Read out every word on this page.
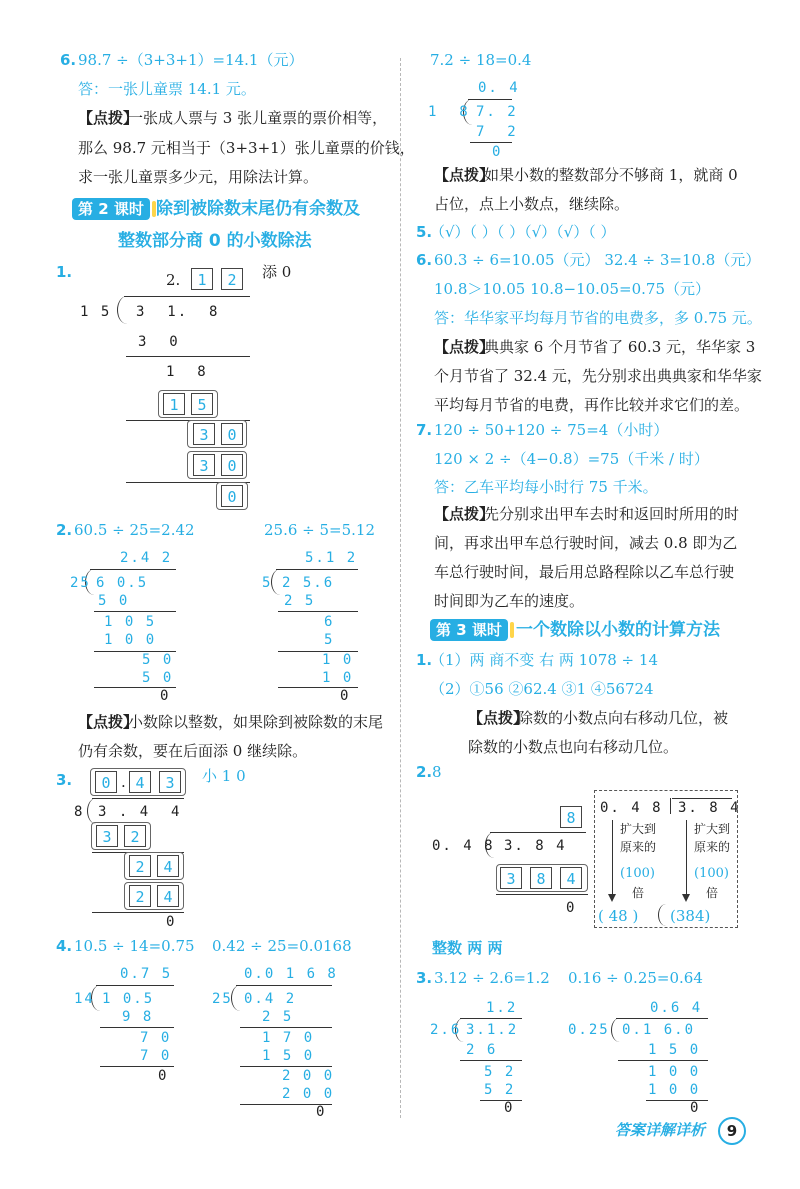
6. 98.7 ÷（3+3+1）=14.1（元）
答：一张儿童票 14.1 元。
【点拨】
一张成人票与 3 张儿童票的票价相等，
那么 98.7 元相当于（3+3+1）张儿童票的价钱，
求一张儿童票多少元，用除法计算。
第 2 课时 除到被除数末尾仍有余数及
整数部分商 0 的小数除法
1.	2.	1	2	添 0
1 5 3  1.  8
3  0
1  8
1	5
3	0
3	0
0
2. 60.5 ÷ 25=2.42	25.6 ÷ 5=5.12
2.4 2
25 6 0.5
5 0
1 0 5
1 0 0
5 0
5 0
0
5.1 2
5 2 5.6
2 5
6
5
1 0
1 0
0
【点拨】
小数除以整数，如果除到被除数的末尾
仍有余数，要在后面添 0 继续除。
3.	0 . 4	3	小 1 0
8 3 . 4  4
3	2
2	4
2	4
0
4. 10.5 ÷ 14=0.75 0.42 ÷ 25=0.0168
0.7 5
14 1 0.5
9 8
7 0
7 0
0
0.0 1 6 8
25 0.4 2
2 5
1 7 0
1 5 0
2 0 0
2 0 0
0
7.2 ÷ 18=0.4
0. 4
1  8 7. 2
7  2
0
【点拨】
如果小数的整数部分不够商 1，就商 0
占位，点上小数点，继续除。
5.
（√）（ ）（ ）（√）（√）（ ）
6. 60.3 ÷ 6=10.05（元） 32.4 ÷ 3=10.8（元）
10.8＞10.05 10.8−10.05=0.75（元）
答：华华家平均每月节省的电费多，多 0.75 元。
【点拨】
典典家 6 个月节省了 60.3 元，华华家 3
个月节省了 32.4 元，先分别求出典典家和华华家
平均每月节省的电费，再作比较并求它们的差。
7. 120 ÷ 50+120 ÷ 75=4（小时）
120 × 2 ÷（4−0.8）=75（千米 / 时）
答：乙车平均每小时行 75 千米。
【点拨】
先分别求出甲车去时和返回时所用的时
间，再求出甲车总行驶时间，减去 0.8 即为乙
车总行驶时间，最后用总路程除以乙车总行驶
时间即为乙车的速度。
第 3 课时 一个数除以小数的计算方法
1.
（1）两 商不变 右 两 1078 ÷ 14
（2）①56 ②62.4 ③1 ④56724
【点拨】
除数的小数点向右移动几位，被
除数的小数点也向右移动几位。
2. 8
8
0. 4 8 3. 8 4
3	8	4
0
0. 4 8 3. 8 4
扩大到原来的
(100)
倍
扩大到原来的
(100)
倍
( 48 ) (384)
整数 两 两
3. 3.12 ÷ 2.6=1.2 0.16 ÷ 0.25=0.64
1.2
2.6 3.1.2
2 6
5 2
5 2
0
0.6 4
0.25 0.1 6.0
1 5 0
1 0 0
1 0 0
0
答案详解详析	9
